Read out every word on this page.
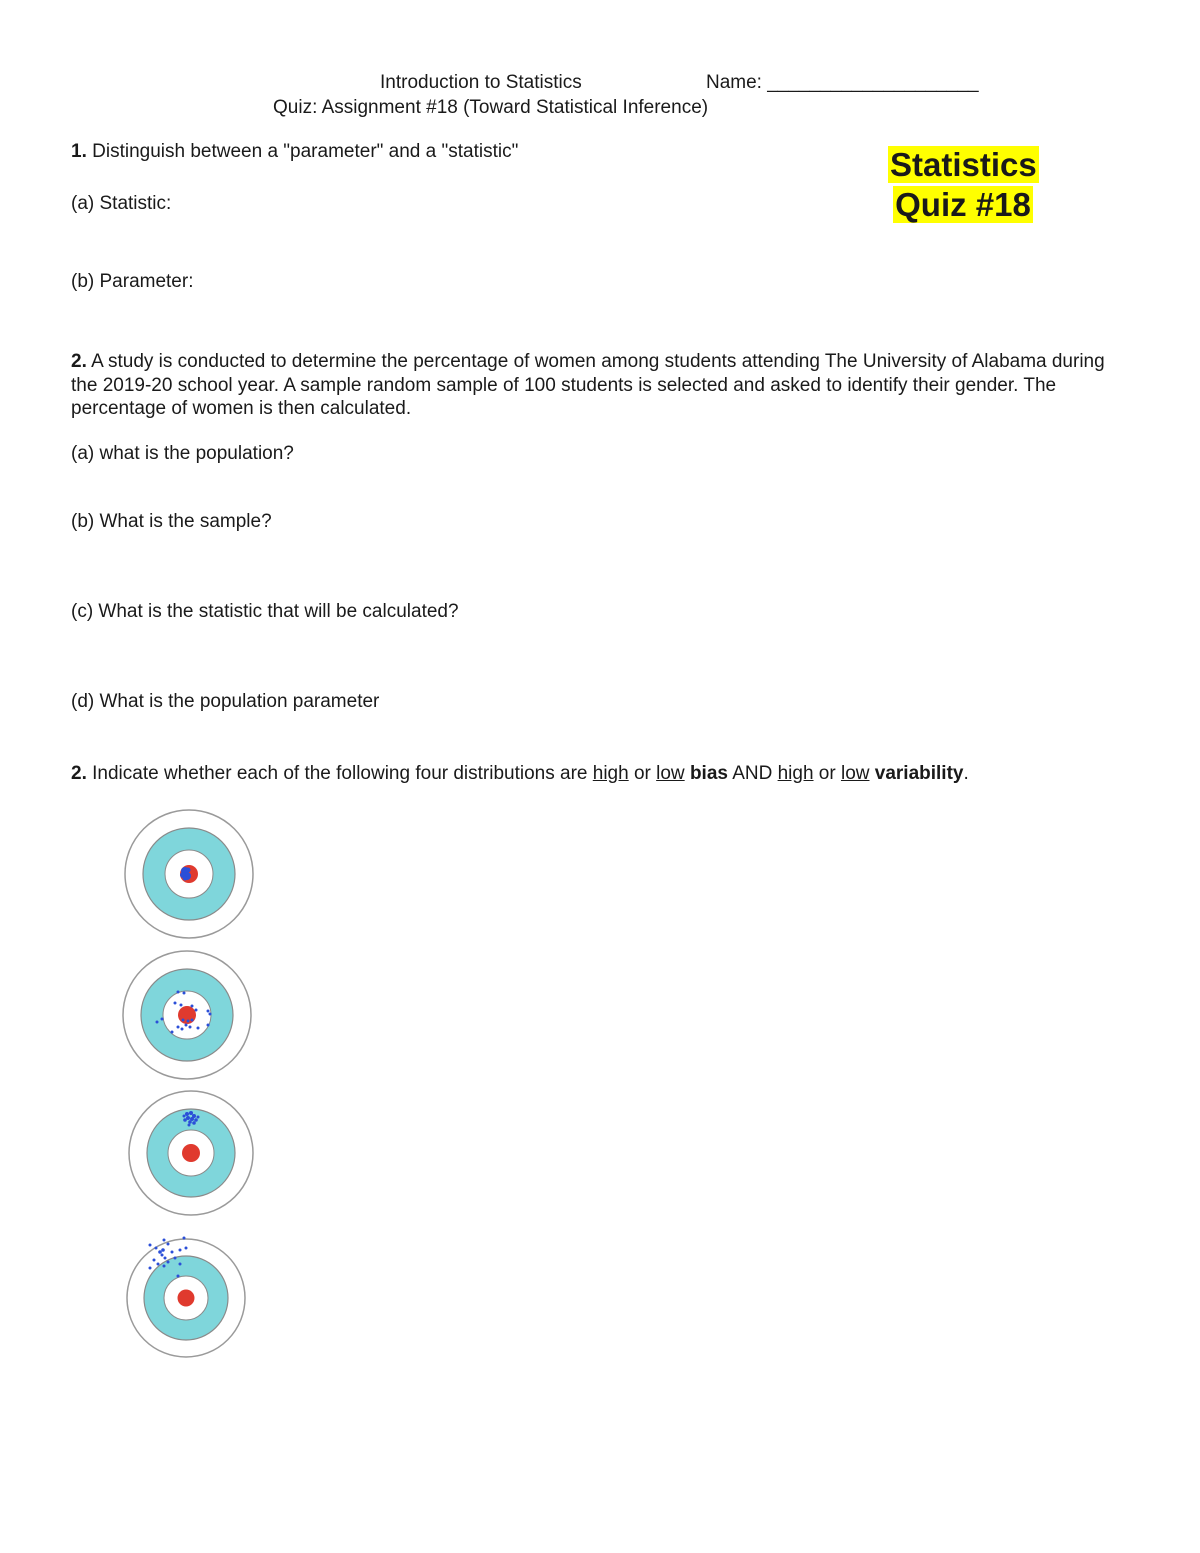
Introduction to Statistics	Name: ____________________
Quiz: Assignment #18 (Toward Statistical Inference)
Statistics
Quiz #18
1. Distinguish between a "parameter" and a "statistic"
(a) Statistic:
(b) Parameter:
2. A study is conducted to determine the percentage of women among students attending The University of Alabama during the 2019-20 school year. A sample random sample of 100 students is selected and asked to identify their gender. The percentage of women is then calculated.
(a) what is the population?
(b) What is the sample?
(c) What is the statistic that will be calculated?
(d) What is the population parameter
2. Indicate whether each of the following four distributions are high or low bias AND high or low variability.
